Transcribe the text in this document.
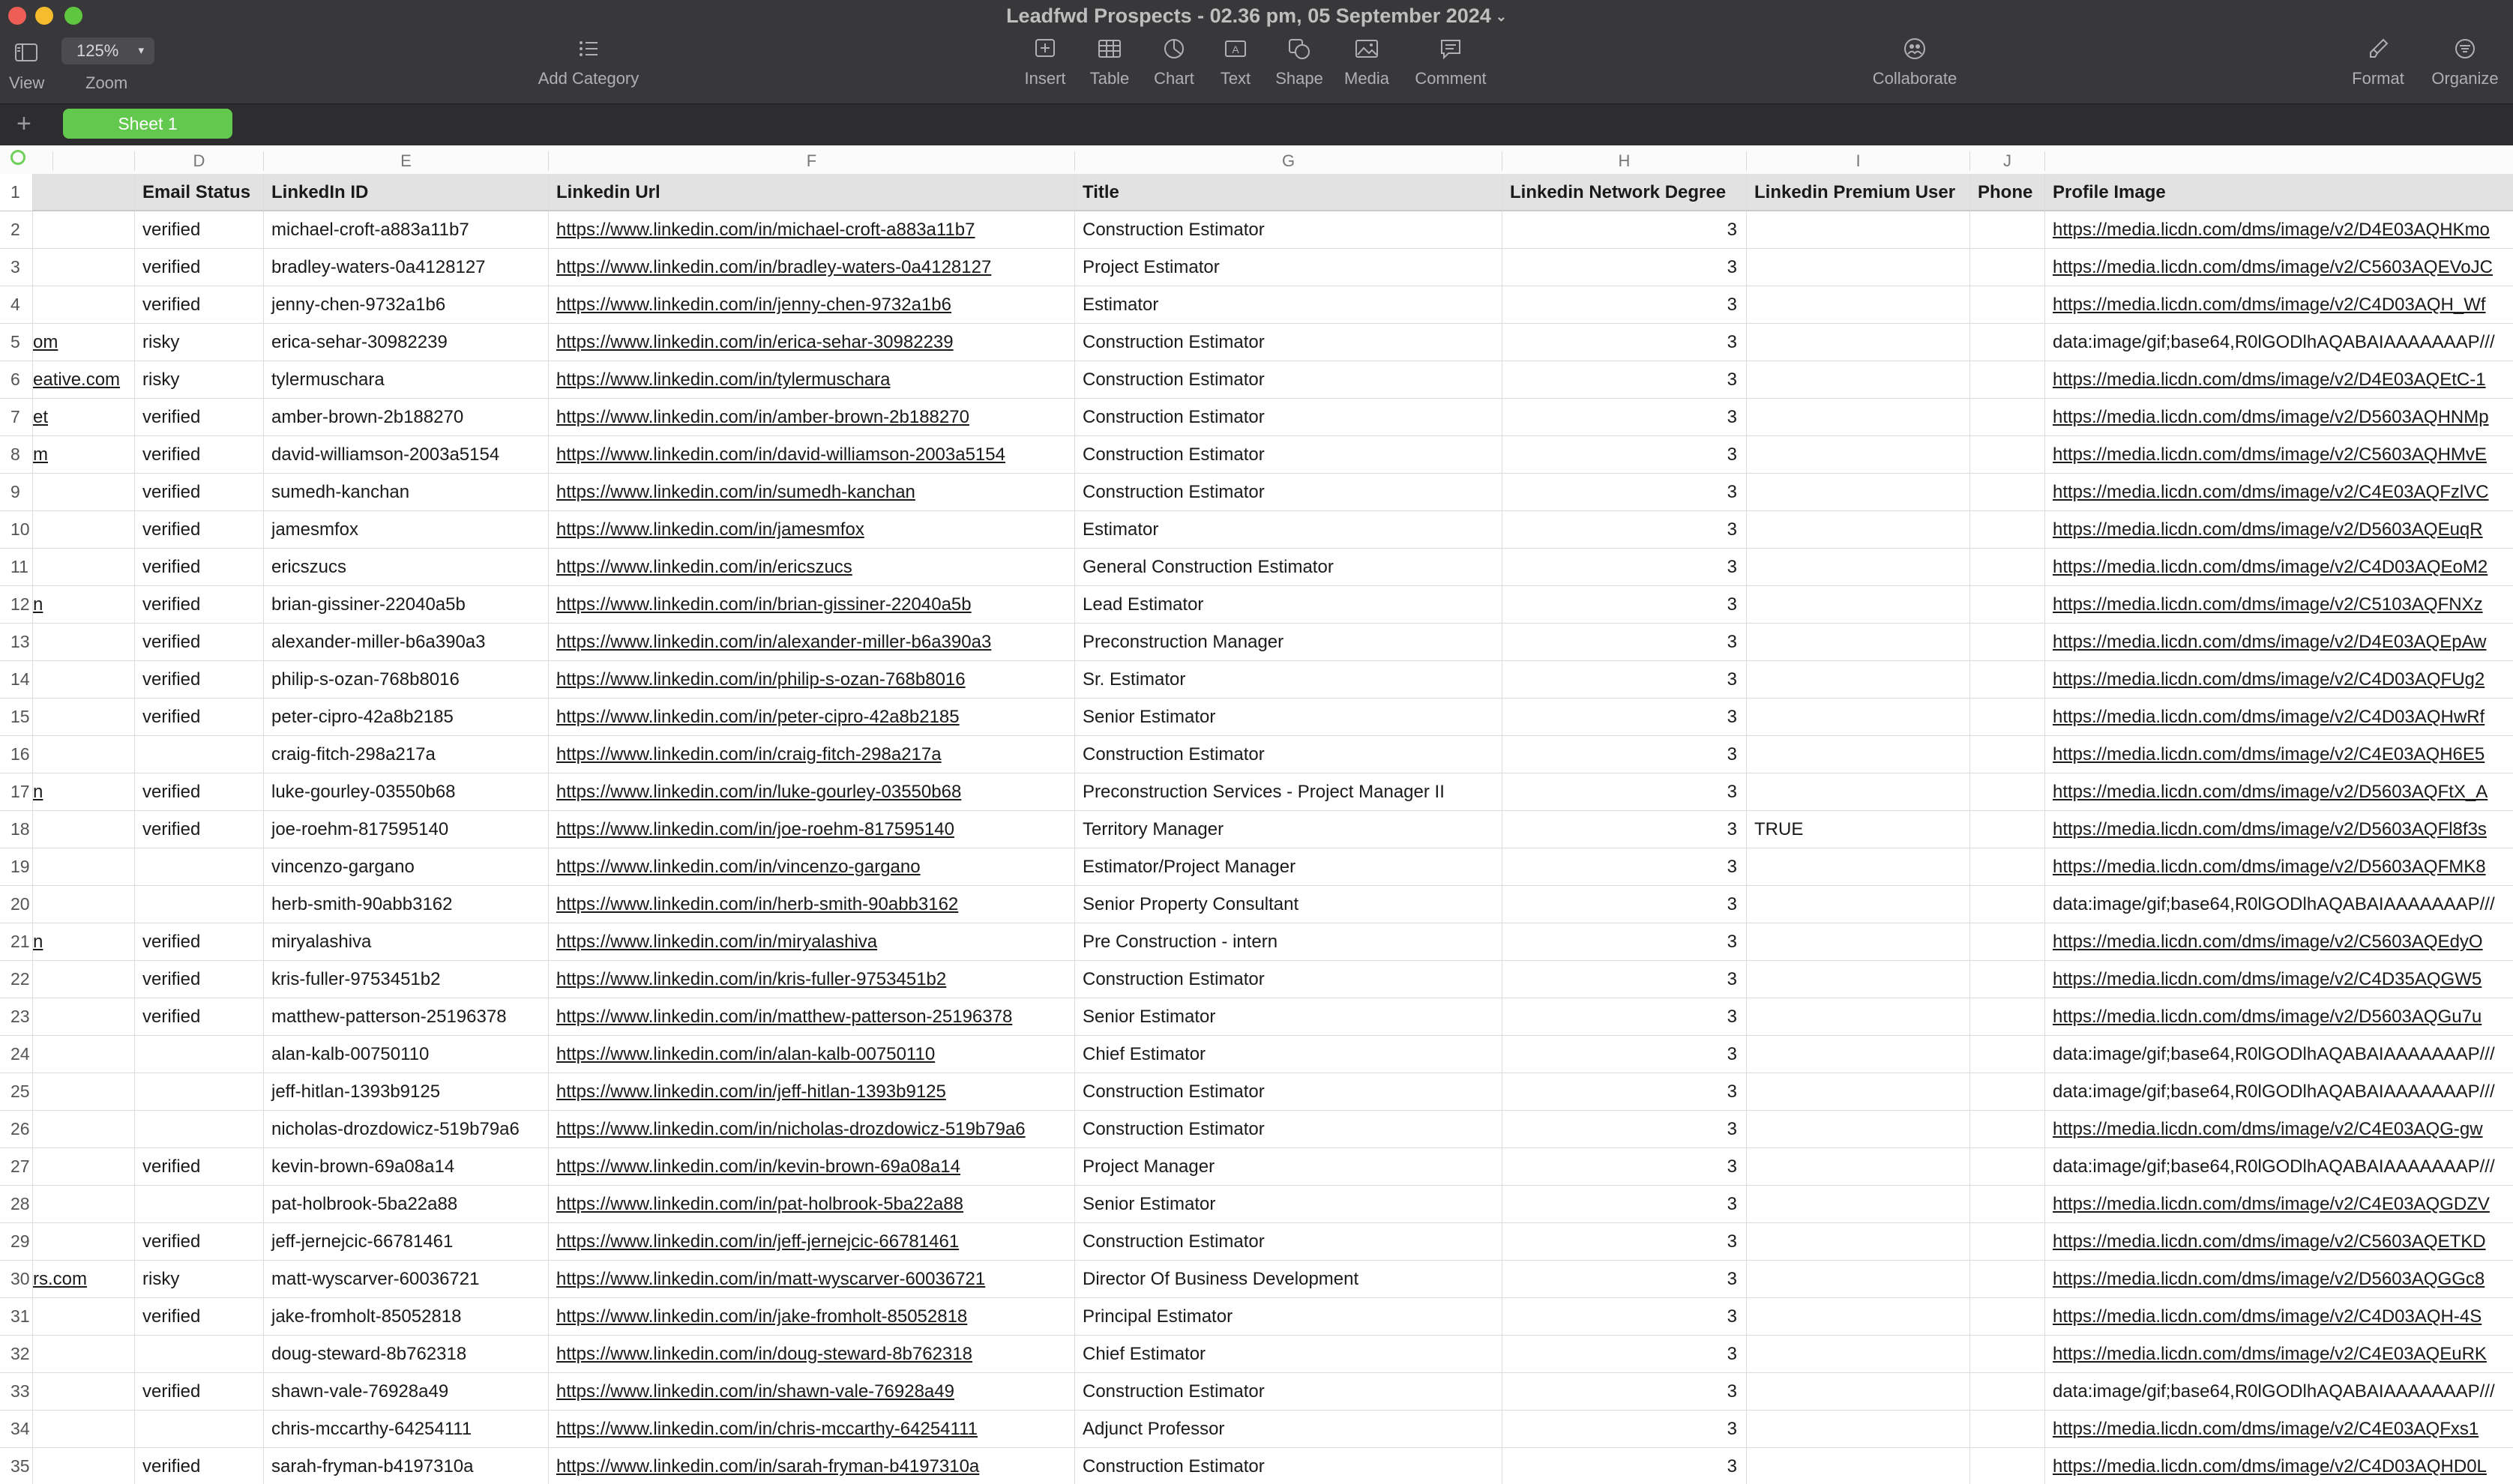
Leadfwd Prospects - 02.36 pm, 05 September 2024 ⌄
View
125% ▾
Zoom	Add Category	Insert	Table	Chart
A
Text	Shape	Media	Comment	Collaborate	Format	Organize
+	Sheet 1
D	E	F	G	H	I	J
1	Email Status	LinkedIn ID	Linkedin Url	Title	Linkedin Network Degree	Linkedin Premium User	Phone	Profile Image
2	verified	michael-croft-a883a11b7	https://www.linkedin.com/in/michael-croft-a883a11b7	Construction Estimator	3	https://media.licdn.com/dms/image/v2/D4E03AQHKmo
3	verified	bradley-waters-0a4128127	https://www.linkedin.com/in/bradley-waters-0a4128127	Project Estimator	3	https://media.licdn.com/dms/image/v2/C5603AQEVoJC
4	verified	jenny-chen-9732a1b6	https://www.linkedin.com/in/jenny-chen-9732a1b6	Estimator	3	https://media.licdn.com/dms/image/v2/C4D03AQH_Wf
5 om	risky	erica-sehar-30982239	https://www.linkedin.com/in/erica-sehar-30982239	Construction Estimator	3	data:image/gif;base64,R0lGODlhAQABAIAAAAAAAP///
6 eative.com	risky	tylermuschara	https://www.linkedin.com/in/tylermuschara	Construction Estimator	3	https://media.licdn.com/dms/image/v2/D4E03AQEtC-1
7 et	verified	amber-brown-2b188270	https://www.linkedin.com/in/amber-brown-2b188270	Construction Estimator	3	https://media.licdn.com/dms/image/v2/D5603AQHNMp
8 m	verified	david-williamson-2003a5154	https://www.linkedin.com/in/david-williamson-2003a5154	Construction Estimator	3	https://media.licdn.com/dms/image/v2/C5603AQHMvE
9	verified	sumedh-kanchan	https://www.linkedin.com/in/sumedh-kanchan	Construction Estimator	3	https://media.licdn.com/dms/image/v2/C4E03AQFzlVC
10	verified	jamesmfox	https://www.linkedin.com/in/jamesmfox	Estimator	3	https://media.licdn.com/dms/image/v2/D5603AQEuqR
11	verified	ericszucs	https://www.linkedin.com/in/ericszucs	General Construction Estimator	3	https://media.licdn.com/dms/image/v2/C4D03AQEoM2
12 n	verified	brian-gissiner-22040a5b	https://www.linkedin.com/in/brian-gissiner-22040a5b	Lead Estimator	3	https://media.licdn.com/dms/image/v2/C5103AQFNXz
13	verified	alexander-miller-b6a390a3	https://www.linkedin.com/in/alexander-miller-b6a390a3	Preconstruction Manager	3	https://media.licdn.com/dms/image/v2/D4E03AQEpAw
14	verified	philip-s-ozan-768b8016	https://www.linkedin.com/in/philip-s-ozan-768b8016	Sr. Estimator	3	https://media.licdn.com/dms/image/v2/C4D03AQFUg2
15	verified	peter-cipro-42a8b2185	https://www.linkedin.com/in/peter-cipro-42a8b2185	Senior Estimator	3	https://media.licdn.com/dms/image/v2/C4D03AQHwRf
16	craig-fitch-298a217a	https://www.linkedin.com/in/craig-fitch-298a217a	Construction Estimator	3	https://media.licdn.com/dms/image/v2/C4E03AQH6E5
17 n	verified	luke-gourley-03550b68	https://www.linkedin.com/in/luke-gourley-03550b68	Preconstruction Services - Project Manager II	3	https://media.licdn.com/dms/image/v2/D5603AQFtX_A
18	verified	joe-roehm-817595140	https://www.linkedin.com/in/joe-roehm-817595140	Territory Manager	3 TRUE	https://media.licdn.com/dms/image/v2/D5603AQFl8f3s
19	vincenzo-gargano	https://www.linkedin.com/in/vincenzo-gargano	Estimator/Project Manager	3	https://media.licdn.com/dms/image/v2/D5603AQFMK8
20	herb-smith-90abb3162	https://www.linkedin.com/in/herb-smith-90abb3162	Senior Property Consultant	3	data:image/gif;base64,R0lGODlhAQABAIAAAAAAAP///
21 n	verified	miryalashiva	https://www.linkedin.com/in/miryalashiva	Pre Construction - intern	3	https://media.licdn.com/dms/image/v2/C5603AQEdyO
22	verified	kris-fuller-9753451b2	https://www.linkedin.com/in/kris-fuller-9753451b2	Construction Estimator	3	https://media.licdn.com/dms/image/v2/C4D35AQGW5
23	verified	matthew-patterson-25196378	https://www.linkedin.com/in/matthew-patterson-25196378	Senior Estimator	3	https://media.licdn.com/dms/image/v2/D5603AQGu7u
24	alan-kalb-00750110	https://www.linkedin.com/in/alan-kalb-00750110	Chief Estimator	3	data:image/gif;base64,R0lGODlhAQABAIAAAAAAAP///
25	jeff-hitlan-1393b9125	https://www.linkedin.com/in/jeff-hitlan-1393b9125	Construction Estimator	3	data:image/gif;base64,R0lGODlhAQABAIAAAAAAAP///
26	nicholas-drozdowicz-519b79a6	https://www.linkedin.com/in/nicholas-drozdowicz-519b79a6	Construction Estimator	3	https://media.licdn.com/dms/image/v2/C4E03AQG-gw
27	verified	kevin-brown-69a08a14	https://www.linkedin.com/in/kevin-brown-69a08a14	Project Manager	3	data:image/gif;base64,R0lGODlhAQABAIAAAAAAAP///
28	pat-holbrook-5ba22a88	https://www.linkedin.com/in/pat-holbrook-5ba22a88	Senior Estimator	3	https://media.licdn.com/dms/image/v2/C4E03AQGDZV
29	verified	jeff-jernejcic-66781461	https://www.linkedin.com/in/jeff-jernejcic-66781461	Construction Estimator	3	https://media.licdn.com/dms/image/v2/C5603AQETKD
30 rs.com	risky	matt-wyscarver-60036721	https://www.linkedin.com/in/matt-wyscarver-60036721	Director Of Business Development	3	https://media.licdn.com/dms/image/v2/D5603AQGGc8
31	verified	jake-fromholt-85052818	https://www.linkedin.com/in/jake-fromholt-85052818	Principal Estimator	3	https://media.licdn.com/dms/image/v2/C4D03AQH-4S
32	doug-steward-8b762318	https://www.linkedin.com/in/doug-steward-8b762318	Chief Estimator	3	https://media.licdn.com/dms/image/v2/C4E03AQEuRK
33	verified	shawn-vale-76928a49	https://www.linkedin.com/in/shawn-vale-76928a49	Construction Estimator	3	data:image/gif;base64,R0lGODlhAQABAIAAAAAAAP///
34	chris-mccarthy-64254111	https://www.linkedin.com/in/chris-mccarthy-64254111	Adjunct Professor	3	https://media.licdn.com/dms/image/v2/C4E03AQFxs1
35	verified	sarah-fryman-b4197310a	https://www.linkedin.com/in/sarah-fryman-b4197310a	Construction Estimator	3	https://media.licdn.com/dms/image/v2/C4D03AQHD0L
